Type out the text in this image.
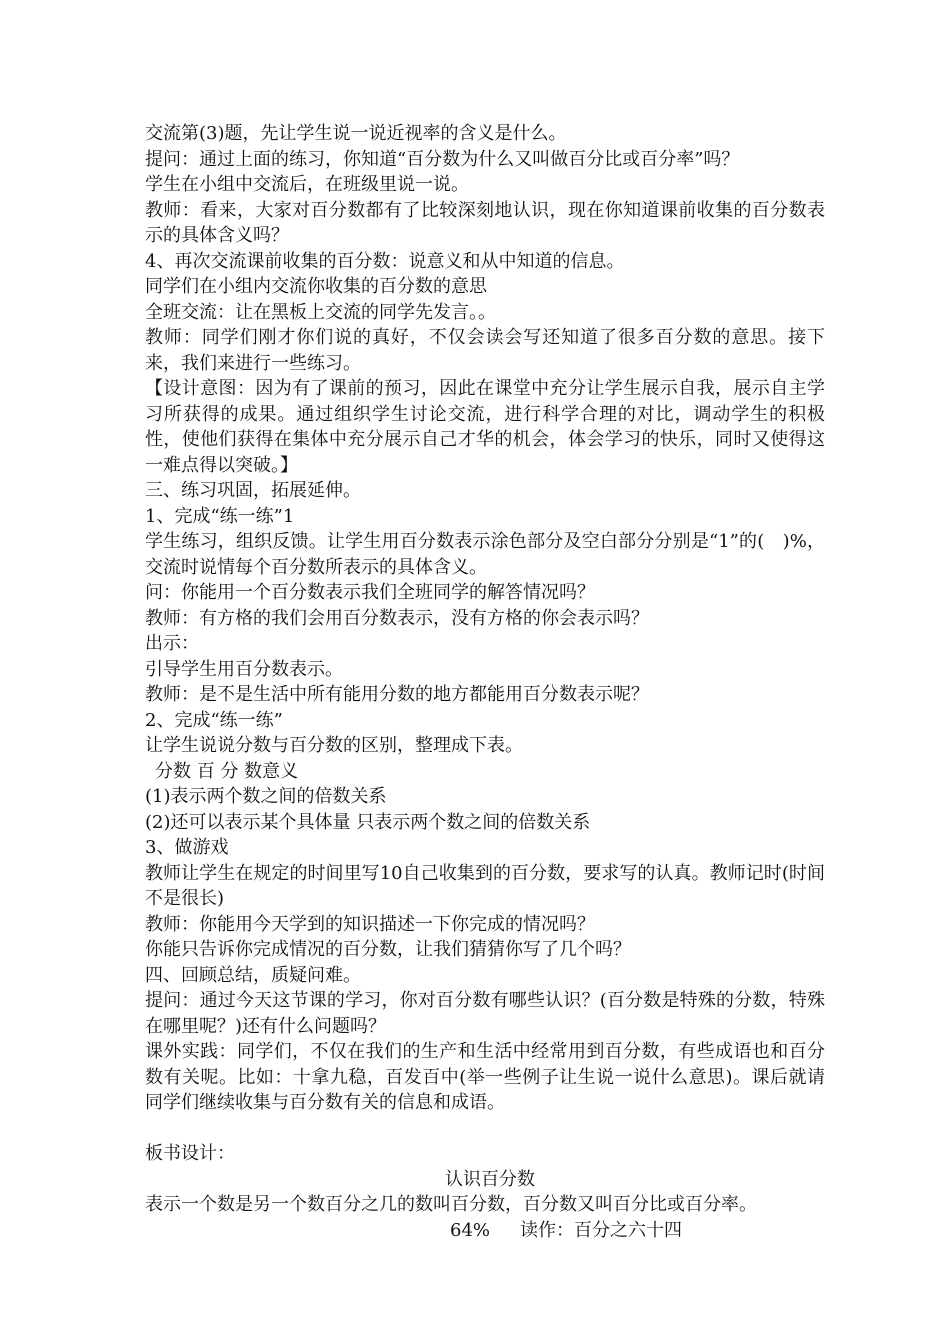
交流第(3)题，先让学生说一说近视率的含义是什么。
提问：通过上面的练习，你知道“百分数为什么又叫做百分比或百分率”吗？
学生在小组中交流后，在班级里说一说。
教师：看来，大家对百分数都有了比较深刻地认识，现在你知道课前收集的百分数表示的具体含义吗？
4、再次交流课前收集的百分数：说意义和从中知道的信息。
同学们在小组内交流你收集的百分数的意思
全班交流：让在黑板上交流的同学先发言。。
教师：同学们刚才你们说的真好，不仅会读会写还知道了很多百分数的意思。接下来，我们来进行一些练习。
【设计意图：因为有了课前的预习，因此在课堂中充分让学生展示自我，展示自主学习所获得的成果。通过组织学生讨论交流，进行科学合理的对比，调动学生的积极性，使他们获得在集体中充分展示自己才华的机会，体会学习的快乐，同时又使得这一难点得以突破。】
三、练习巩固，拓展延伸。
1、完成“练一练”1
学生练习，组织反馈。让学生用百分数表示涂色部分及空白部分分别是“1”的(　)%，交流时说情每个百分数所表示的具体含义。
问：你能用一个百分数表示我们全班同学的解答情况吗？
教师：有方格的我们会用百分数表示，没有方格的你会表示吗？
出示：
引导学生用百分数表示。
教师：是不是生活中所有能用分数的地方都能用百分数表示呢？
2、完成“练一练”
让学生说说分数与百分数的区别，整理成下表。
分数 百 分 数意义
(1)表示两个数之间的倍数关系
(2)还可以表示某个具体量 只表示两个数之间的倍数关系
3、做游戏
教师让学生在规定的时间里写10自己收集到的百分数，要求写的认真。教师记时(时间不是很长)
教师：你能用今天学到的知识描述一下你完成的情况吗？
你能只告诉你完成情况的百分数，让我们猜猜你写了几个吗？
四、回顾总结，质疑问难。
提问：通过今天这节课的学习，你对百分数有哪些认识？(百分数是特殊的分数，特殊在哪里呢？)还有什么问题吗？
课外实践：同学们，不仅在我们的生产和生活中经常用到百分数，有些成语也和百分数有关呢。比如：十拿九稳，百发百中(举一些例子让生说一说什么意思)。课后就请同学们继续收集与百分数有关的信息和成语。
板书设计：
认识百分数
表示一个数是另一个数百分之几的数叫百分数，百分数又叫百分比或百分率。
64% 读作：百分之六十四
